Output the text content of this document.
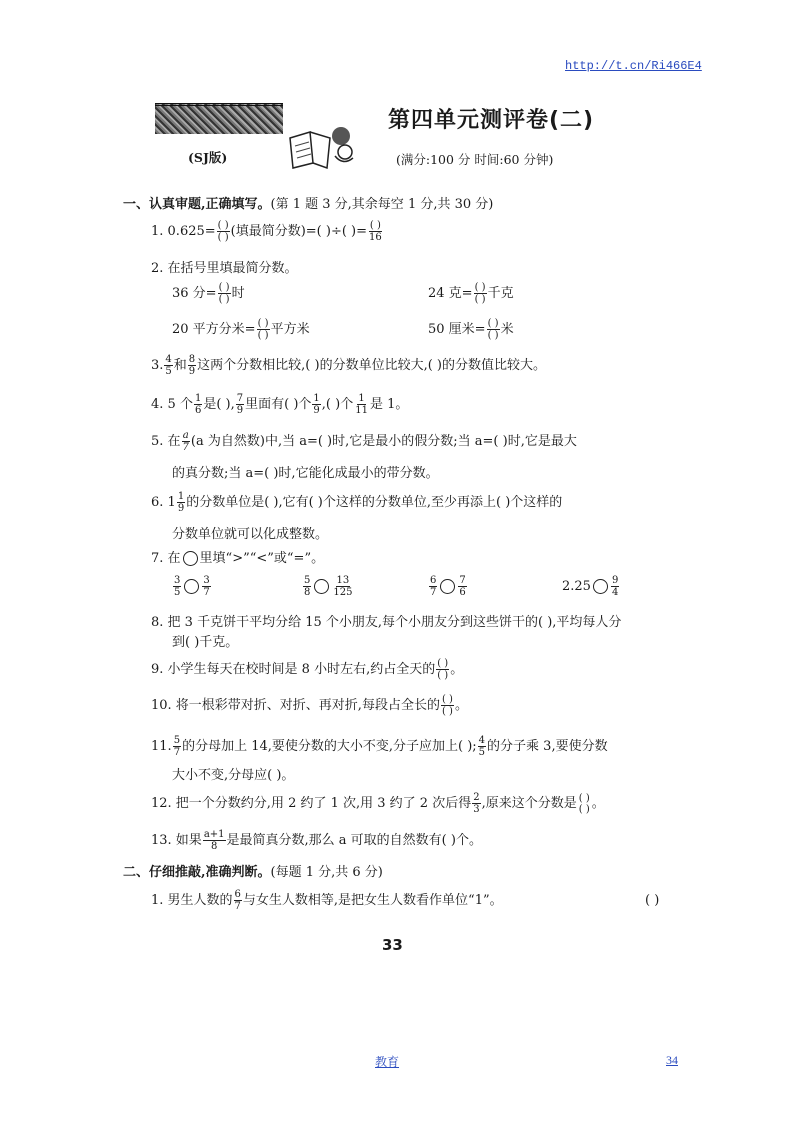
http://t.cn/Ri466E4
(SJ版)
第四单元测评卷(二)
(满分:100 分 时间:60 分钟)
一、认真审题,正确填写。(第 1 题 3 分,其余每空 1 分,共 30 分)
1. $0.625= \frac{( )}{( )}$ (填最简分数)=( )÷( )= $\frac{( )}{16}$
2. 在括号里填最简分数。
36 分= $\frac{( )}{( )}$ 时	24 克= $\frac{( )}{( )}$ 千克
20 平方分米= $\frac{( )}{( )}$ 平方米	50 厘米= $\frac{( )}{( )}$ 米
3. $\frac{4}{5}$ 和 $\frac{8}{9}$ 这两个分数相比较,( )的分数单位比较大,( )的分数值比较大。
4. 5 个 $\frac{1}{6}$ 是( ), $\frac{7}{9}$ 里面有( )个 $\frac{1}{9}$ ,( )个 $\frac{1}{11}$ 是 1。
5. 在 $\frac{a}{7} (a$ 为自然数)中,当 a=( )时,它是最小的假分数;当 a=( )时,它是最大
的真分数;当 a=( )时,它能化成最小的带分数。
6. $1 \frac{1}{9}$ 的分数单位是( ),它有( )个这样的分数单位,至少再添上( )个这样的
分数单位就可以化成整数。
7. 在 里填“>”“<”或“=”。
$\frac{3}{5} \frac{3}{7}$	$\frac{5}{8} \frac{13}{125}$	$\frac{6}{7} \frac{7}{6}$	$2.25 \frac{9}{4}$
8. 把 3 千克饼干平均分给 15 个小朋友,每个小朋友分到这些饼干的( ),平均每人分
到( )千克。
9. 小学生每天在校时间是 8 小时左右,约占全天的 $\frac{( )}{( )}$ 。
10. 将一根彩带对折、对折、再对折,每段占全长的 $\frac{( )}{( )}$ 。
11. $\frac{5}{7}$ 的分母加上 14,要使分数的大小不变,分子应加上( ); $\frac{4}{5}$ 的分子乘 3,要使分数
大小不变,分母应( )。
12. 把一个分数约分,用 2 约了 1 次,用 3 约了 2 次后得 $\frac{2}{3}$ ,原来这个分数是 ( )
( ) 。
13. 如果 $\frac{a+1}{8}$ 是最简真分数,那么 a 可取的自然数有( )个。
二、仔细推敲,准确判断。(每题 1 分,共 6 分)
1. 男生人数的 $\frac{6}{7}$ 与女生人数相等,是把女生人数看作单位“1”。	( )
33
教育	34
